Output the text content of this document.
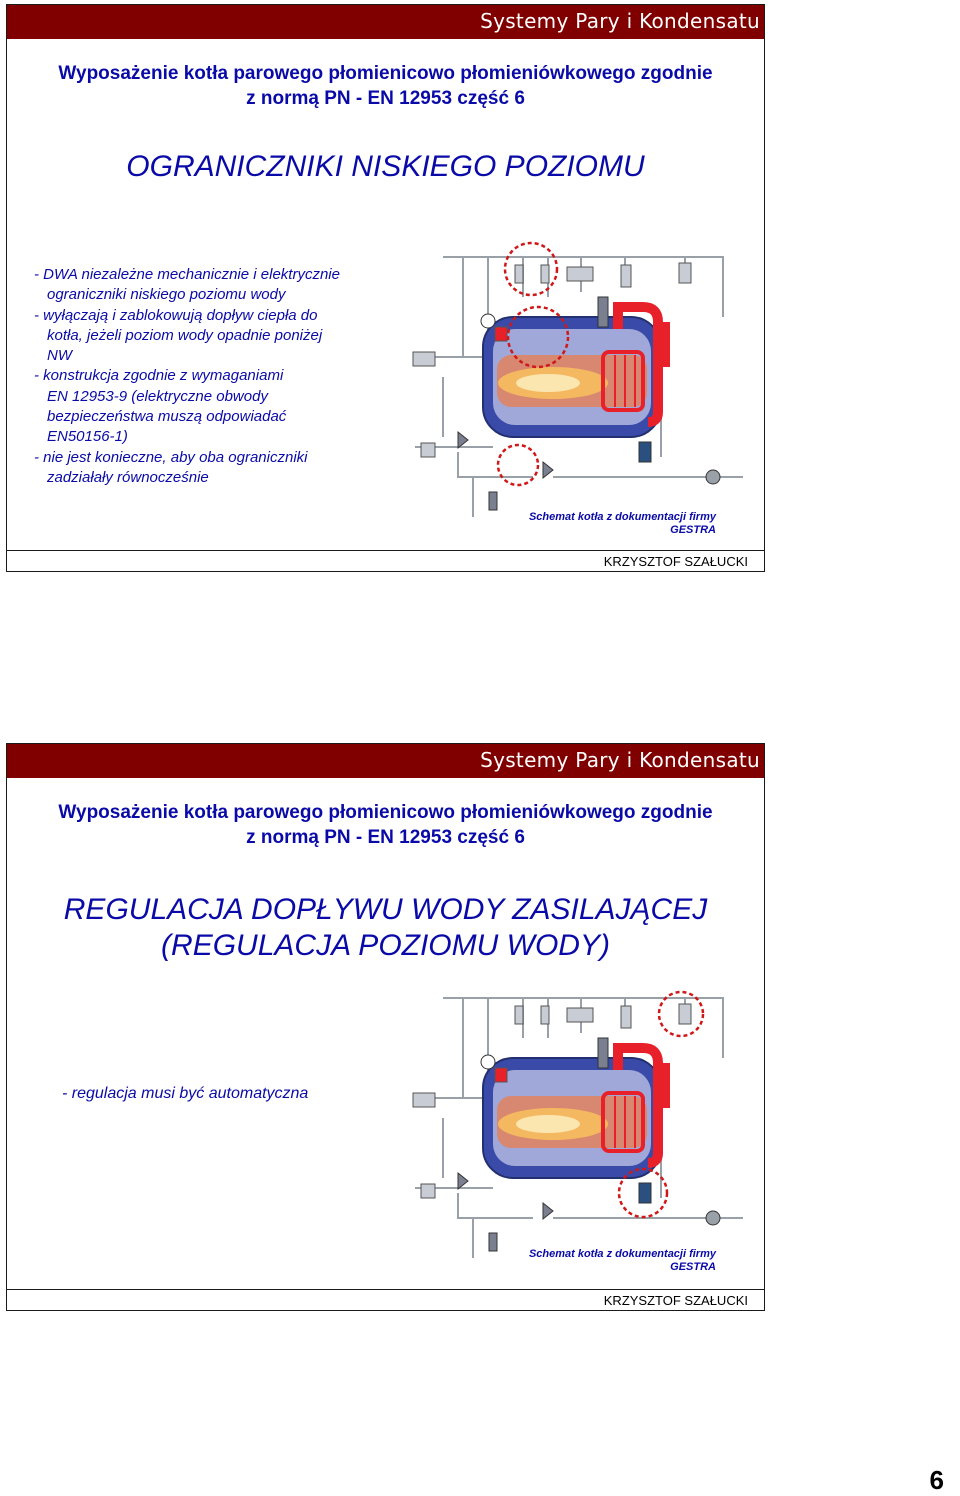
Systemy Pary i Kondensatu
Wyposażenie kotła parowego płomienicowo płomieniówkowego zgodnie
z normą PN - EN 12953 część 6
OGRANICZNIKI NISKIEGO POZIOMU
- DWA niezależne mechanicznie i elektrycznie
ograniczniki niskiego poziomu wody
- wyłączają i zablokowują dopływ ciepła do
kotła, jeżeli poziom wody opadnie poniżej
NW
- konstrukcja zgodnie z wymaganiami
EN 12953-9 (elektryczne obwody
bezpieczeństwa muszą odpowiadać
EN50156-1)
- nie jest konieczne, aby oba ograniczniki
zadziałały równocześnie
Schemat kotła z dokumentacji firmy
GESTRA
KRZYSZTOF SZAŁUCKI
Systemy Pary i Kondensatu
Wyposażenie kotła parowego płomienicowo płomieniówkowego zgodnie
z normą PN - EN 12953 część 6
REGULACJA DOPŁYWU WODY ZASILAJĄCEJ
(REGULACJA POZIOMU WODY)
- regulacja musi być automatyczna
Schemat kotła z dokumentacji firmy
GESTRA
KRZYSZTOF SZAŁUCKI
6
